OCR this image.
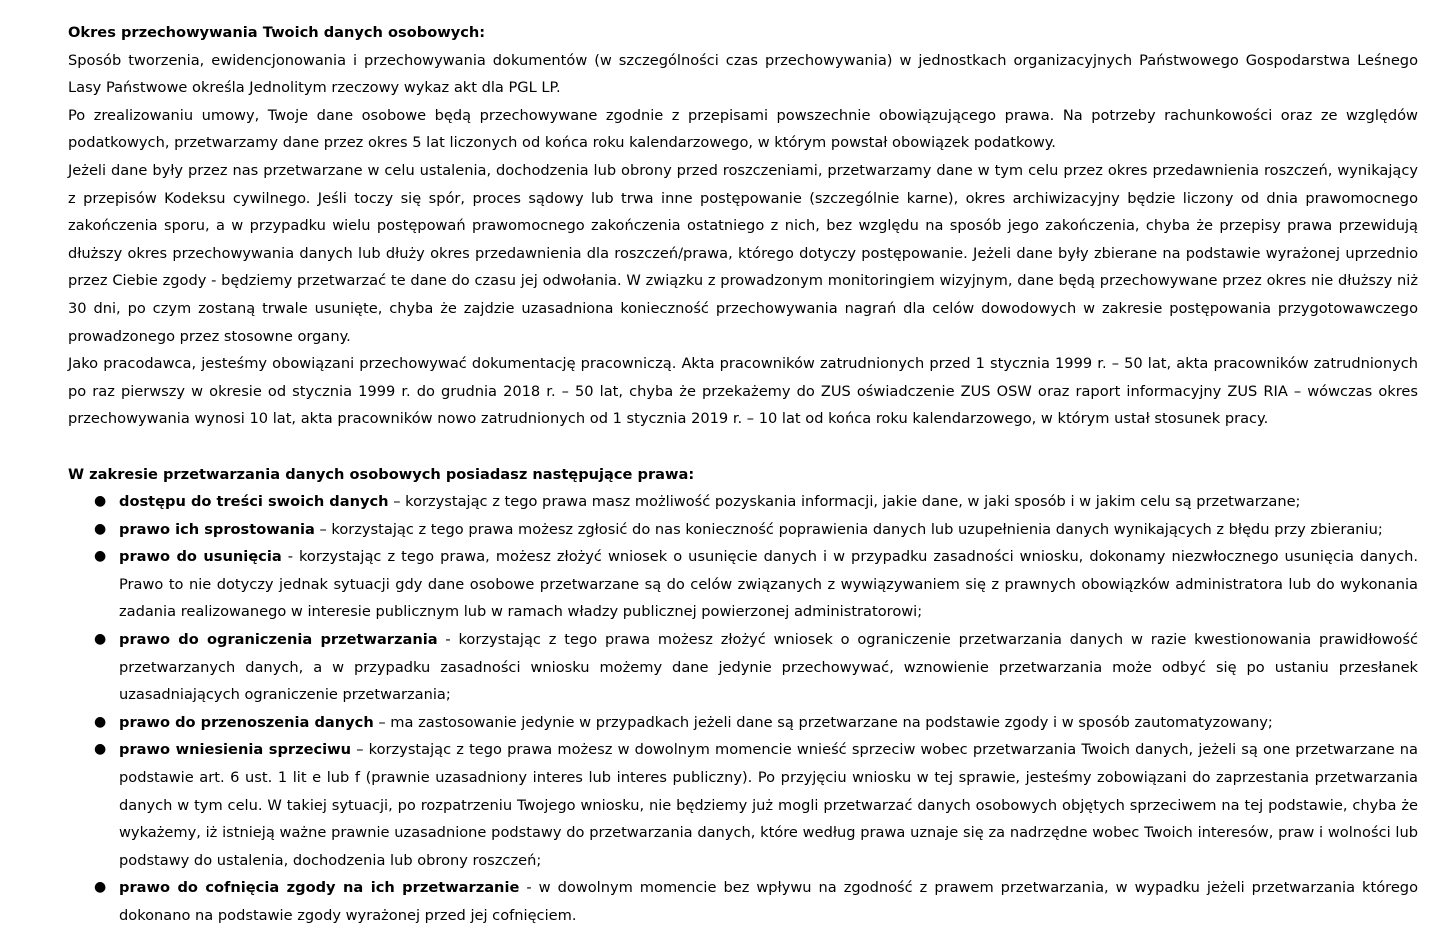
Okres przechowywania Twoich danych osobowych:

Sposób tworzenia, ewidencjonowania i przechowywania dokumentów (w szczególności czas przechowywania) w jednostkach organizacyjnych Państwowego Gospodarstwa Leśnego Lasy Państwowe określa Jednolitym rzeczowy wykaz akt dla PGL LP.

Po zrealizowaniu umowy, Twoje dane osobowe będą przechowywane zgodnie z przepisami powszechnie obowiązującego prawa. Na potrzeby rachunkowości oraz ze względów podatkowych, przetwarzamy dane przez okres 5 lat liczonych od końca roku kalendarzowego, w którym powstał obowiązek podatkowy.

Jeżeli dane były przez nas przetwarzane w celu ustalenia, dochodzenia lub obrony przed roszczeniami, przetwarzamy dane w tym celu przez okres przedawnienia roszczeń, wynikający z przepisów Kodeksu cywilnego. Jeśli toczy się spór, proces sądowy lub trwa inne postępowanie (szczególnie karne), okres archiwizacyjny będzie liczony od dnia prawomocnego zakończenia sporu, a w przypadku wielu postępowań prawomocnego zakończenia ostatniego z nich, bez względu na sposób jego zakończenia, chyba że przepisy prawa przewidują dłuższy okres przechowywania danych lub dłuży okres przedawnienia dla roszczeń/prawa, którego dotyczy postępowanie. Jeżeli dane były zbierane na podstawie wyrażonej uprzednio przez Ciebie zgody - będziemy przetwarzać te dane do czasu jej odwołania. W związku z prowadzonym monitoringiem wizyjnym, dane będą przechowywane przez okres nie dłuższy niż 30 dni, po czym zostaną trwale usunięte, chyba że zajdzie uzasadniona konieczność przechowywania nagrań dla celów dowodowych w zakresie postępowania przygotowawczego prowadzonego przez stosowne organy.

Jako pracodawca, jesteśmy obowiązani przechowywać dokumentację pracowniczą. Akta pracowników zatrudnionych przed 1 stycznia 1999 r. – 50 lat, akta pracowników zatrudnionych po raz pierwszy w okresie od stycznia 1999 r. do grudnia 2018 r. – 50 lat, chyba że przekażemy do ZUS oświadczenie ZUS OSW oraz raport informacyjny ZUS RIA – wówczas okres przechowywania wynosi 10 lat, akta pracowników nowo zatrudnionych od 1 stycznia 2019 r. – 10 lat od końca roku kalendarzowego, w którym ustał stosunek pracy.

W zakresie przetwarzania danych osobowych posiadasz następujące prawa:

● dostępu do treści swoich danych – korzystając z tego prawa masz możliwość pozyskania informacji, jakie dane, w jaki sposób i w jakim celu są przetwarzane;
● prawo ich sprostowania – korzystając z tego prawa możesz zgłosić do nas konieczność poprawienia danych lub uzupełnienia danych wynikających z błędu przy zbieraniu;
● prawo do usunięcia - korzystając z tego prawa, możesz złożyć wniosek o usunięcie danych i w przypadku zasadności wniosku, dokonamy niezwłocznego usunięcia danych. Prawo to nie dotyczy jednak sytuacji gdy dane osobowe przetwarzane są do celów związanych z wywiązywaniem się z prawnych obowiązków administratora lub do wykonania zadania realizowanego w interesie publicznym lub w ramach władzy publicznej powierzonej administratorowi;
● prawo do ograniczenia przetwarzania - korzystając z tego prawa możesz złożyć wniosek o ograniczenie przetwarzania danych w razie kwestionowania prawidłowość przetwarzanych danych, a w przypadku zasadności wniosku możemy dane jedynie przechowywać, wznowienie przetwarzania może odbyć się po ustaniu przesłanek uzasadniających ograniczenie przetwarzania;
● prawo do przenoszenia danych – ma zastosowanie jedynie w przypadkach jeżeli dane są przetwarzane na podstawie zgody i w sposób zautomatyzowany;
● prawo wniesienia sprzeciwu – korzystając z tego prawa możesz w dowolnym momencie wnieść sprzeciw wobec przetwarzania Twoich danych, jeżeli są one przetwarzane na podstawie art. 6 ust. 1 lit e lub f (prawnie uzasadniony interes lub interes publiczny). Po przyjęciu wniosku w tej sprawie, jesteśmy zobowiązani do zaprzestania przetwarzania danych w tym celu. W takiej sytuacji, po rozpatrzeniu Twojego wniosku, nie będziemy już mogli przetwarzać danych osobowych objętych sprzeciwem na tej podstawie, chyba że wykażemy, iż istnieją ważne prawnie uzasadnione podstawy do przetwarzania danych, które według prawa uznaje się za nadrzędne wobec Twoich interesów, praw i wolności lub podstawy do ustalenia, dochodzenia lub obrony roszczeń;
● prawo do cofnięcia zgody na ich przetwarzanie - w dowolnym momencie bez wpływu na zgodność z prawem przetwarzania, w wypadku jeżeli przetwarzania którego dokonano na podstawie zgody wyrażonej przed jej cofnięciem.
